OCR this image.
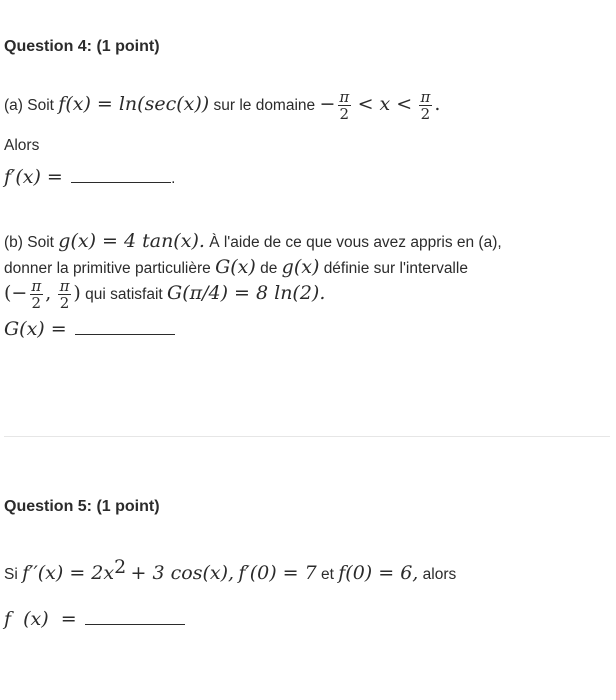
Question 4: (1 point)
(a) Soit f(x) = ln(sec(x)) sur le domaine − $\frac{\pi}{2} < x < \frac{\pi}{2}$ .
Alors
f′(x) =	.
(b) Soit g(x) = 4 tan(x). À l'aide de ce que vous avez appris en (a),
donner la primitive particulière G(x) de g(x) définie sur l'intervalle
(− $\frac{\pi}{2}$ , $\frac{\pi}{2}$ ) qui satisfait G(π/4) = 8 ln(2).
G(x) =
Question 5: (1 point)
Si $f''(x) = 2x^2 + 3$ cos(x), f′(0) = 7 et f(0) = 6, alors
f  (x)  =
